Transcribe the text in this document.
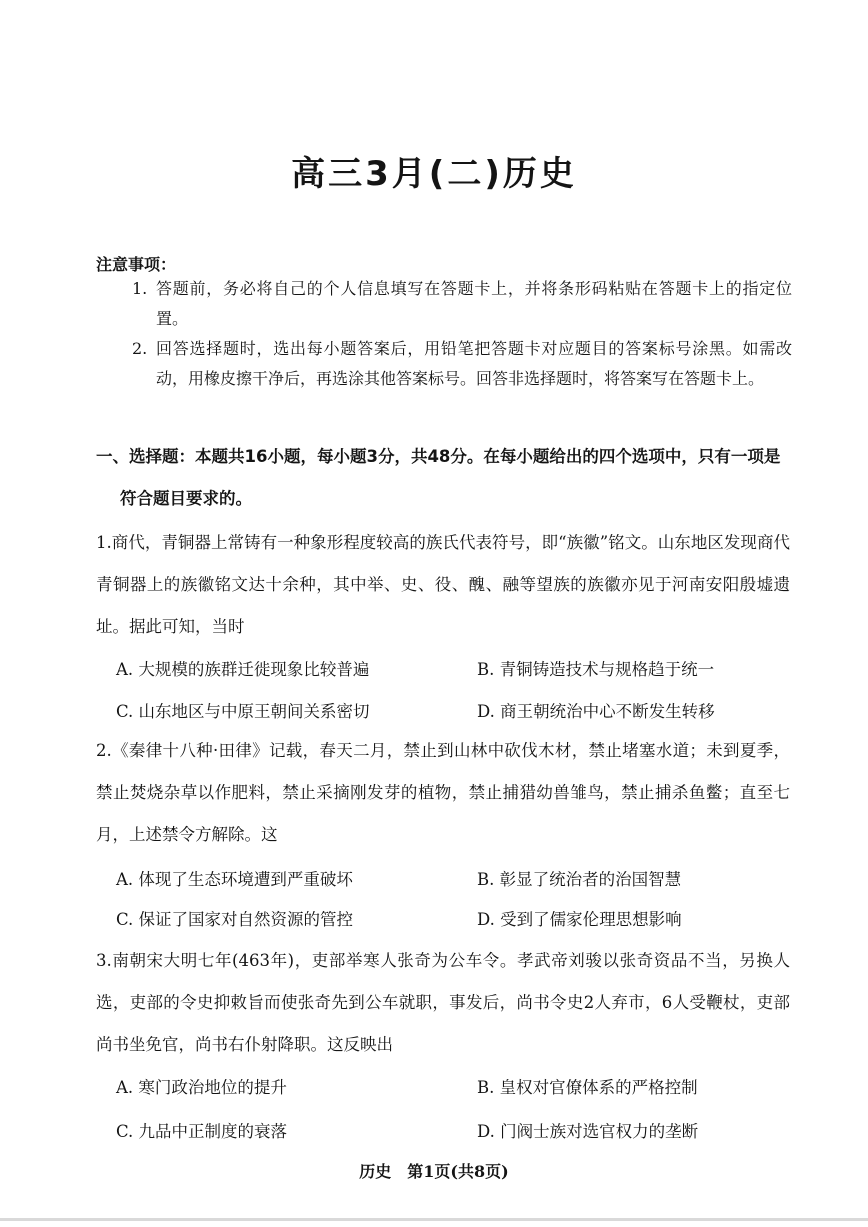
高三3月(二)历史
注意事项：
1. 答题前，务必将自己的个人信息填写在答题卡上，并将条形码粘贴在答题卡上的指定位置。
2. 回答选择题时，选出每小题答案后，用铅笔把答题卡对应题目的答案标号涂黑。如需改动，用橡皮擦干净后，再选涂其他答案标号。回答非选择题时，将答案写在答题卡上。
一、选择题：本题共16小题，每小题3分，共48分。在每小题给出的四个选项中，只有一项是
符合题目要求的。
1.商代，青铜器上常铸有一种象形程度较高的族氏代表符号，即“族徽”铭文。山东地区发现商代青铜器上的族徽铭文达十余种，其中举、史、役、醜、融等望族的族徽亦见于河南安阳殷墟遗址。据此可知，当时
A. 大规模的族群迁徙现象比较普遍	B. 青铜铸造技术与规格趋于统一
C. 山东地区与中原王朝间关系密切	D. 商王朝统治中心不断发生转移
2.《秦律十八种·田律》记载，春天二月，禁止到山林中砍伐木材，禁止堵塞水道；未到夏季，禁止焚烧杂草以作肥料，禁止采摘刚发芽的植物，禁止捕猎幼兽雏鸟，禁止捕杀鱼鳖；直至七月，上述禁令方解除。这
A. 体现了生态环境遭到严重破坏	B. 彰显了统治者的治国智慧
C. 保证了国家对自然资源的管控	D. 受到了儒家伦理思想影响
3.南朝宋大明七年(463年)，吏部举寒人张奇为公车令。孝武帝刘骏以张奇资品不当，另换人选，吏部的令史抑敕旨而使张奇先到公车就职，事发后，尚书令史2人弃市，6人受鞭杖，吏部尚书坐免官，尚书右仆射降职。这反映出
A. 寒门政治地位的提升	B. 皇权对官僚体系的严格控制
C. 九品中正制度的衰落	D. 门阀士族对选官权力的垄断
历史　第1页(共8页)
